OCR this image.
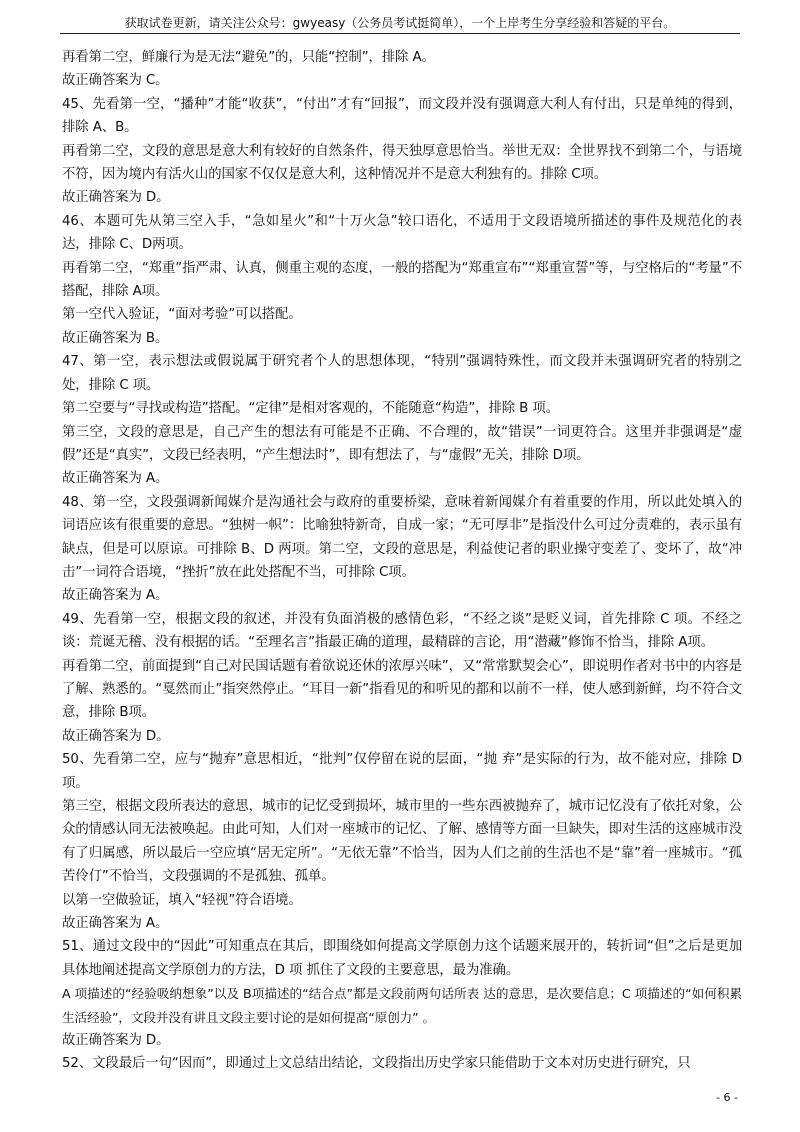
获取试卷更新，请关注公众号：gwyeasy（公务员考试挺简单），一个上岸考生分享经验和答疑的平台。

再看第二空，鲜廉行为是无法“避免”的，只能“控制”，排除 A。

故正确答案为 C。

45、先看第一空，“播种”才能“收获”，“付出”才有“回报”，而文段并没有强调意大利人有付出，只是单纯的得到，排除 A、B。

再看第二空，文段的意思是意大利有较好的自然条件，得天独厚意思恰当。举世无双：全世界找不到第二个，与语境不符，因为境内有活火山的国家不仅仅是意大利，这种情况并不是意大利独有的。排除 C项。

故正确答案为 D。

46、本题可先从第三空入手，“急如星火”和“十万火急”较口语化，不适用于文段语境所描述的事件及规范化的表达，排除 C、D两项。

再看第二空，“郑重”指严肃、认真，侧重主观的态度，一般的搭配为“郑重宣布”“郑重宣誓”等，与空格后的“考量”不搭配，排除 A项。

第一空代入验证，“面对考验”可以搭配。

故正确答案为 B。

47、第一空，表示想法或假说属于研究者个人的思想体现，“特别”强调特殊性，而文段并未强调研究者的特别之处，排除 C 项。

第二空要与“寻找或构造”搭配。“定律”是相对客观的，不能随意“构造”，排除 B 项。

第三空，文段的意思是，自己产生的想法有可能是不正确、不合理的，故“错误”一词更符合。这里并非强调是“虚假”还是“真实”，文段已经表明，“产生想法时”，即有想法了，与“虚假”无关，排除 D项。

故正确答案为 A。

48、第一空，文段强调新闻媒介是沟通社会与政府的重要桥梁，意味着新闻媒介有着重要的作用，所以此处填入的词语应该有很重要的意思。“独树一帜”：比喻独特新奇，自成一家；“无可厚非”是指没什么可过分责难的，表示虽有缺点，但是可以原谅。可排除 B、D 两项。第二空，文段的意思是，利益使记者的职业操守变差了、变坏了，故“冲击”一词符合语境，“挫折”放在此处搭配不当，可排除 C项。

故正确答案为 A。

49、先看第一空，根据文段的叙述，并没有负面消极的感情色彩，“不经之谈”是贬义词，首先排除 C 项。不经之谈：荒诞无稽、没有根据的话。“至理名言”指最正确的道理，最精辟的言论，用“潜藏”修饰不恰当，排除 A项。

再看第二空，前面提到“自己对民国话题有着欲说还休的浓厚兴味”，又“常常默契会心”，即说明作者对书中的内容是了解、熟悉的。“戛然而止”指突然停止。“耳目一新”指看见的和听见的都和以前不一样，使人感到新鲜，均不符合文意，排除 B项。

故正确答案为 D。

50、先看第二空，应与“抛弃”意思相近，“批判”仅停留在说的层面，“抛 弃”是实际的行为，故不能对应，排除 D项。

第三空，根据文段所表达的意思，城市的记忆受到损坏，城市里的一些东西被抛弃了，城市记忆没有了依托对象，公众的情感认同无法被唤起。由此可知，人们对一座城市的记忆、了解、感情等方面一旦缺失，即对生活的这座城市没有了归属感，所以最后一空应填“居无定所”。“无依无靠”不恰当，因为人们之前的生活也不是“靠”着一座城市。“孤苦伶仃”不恰当，文段强调的不是孤独、孤单。

以第一空做验证，填入“轻视”符合语境。

故正确答案为 A。

51、通过文段中的“因此”可知重点在其后，即围绕如何提高文学原创力这个话题来展开的，转折词“但”之后是更加具体地阐述提高文学原创力的方法，D 项 抓住了文段的主要意思，最为准确。

A 项描述的“经验吸纳想象”以及 B项描述的“结合点”都是文段前两句话所表 达的意思，是次要信息；C 项描述的“如何积累生活经验”，文段并没有讲且文段主要讨论的是如何提高“原创力” 。

故正确答案为 D。

52、文段最后一句“因而”，即通过上文总结出结论，文段指出历史学家只能借助于文本对历史进行研究，只

- 6 -
